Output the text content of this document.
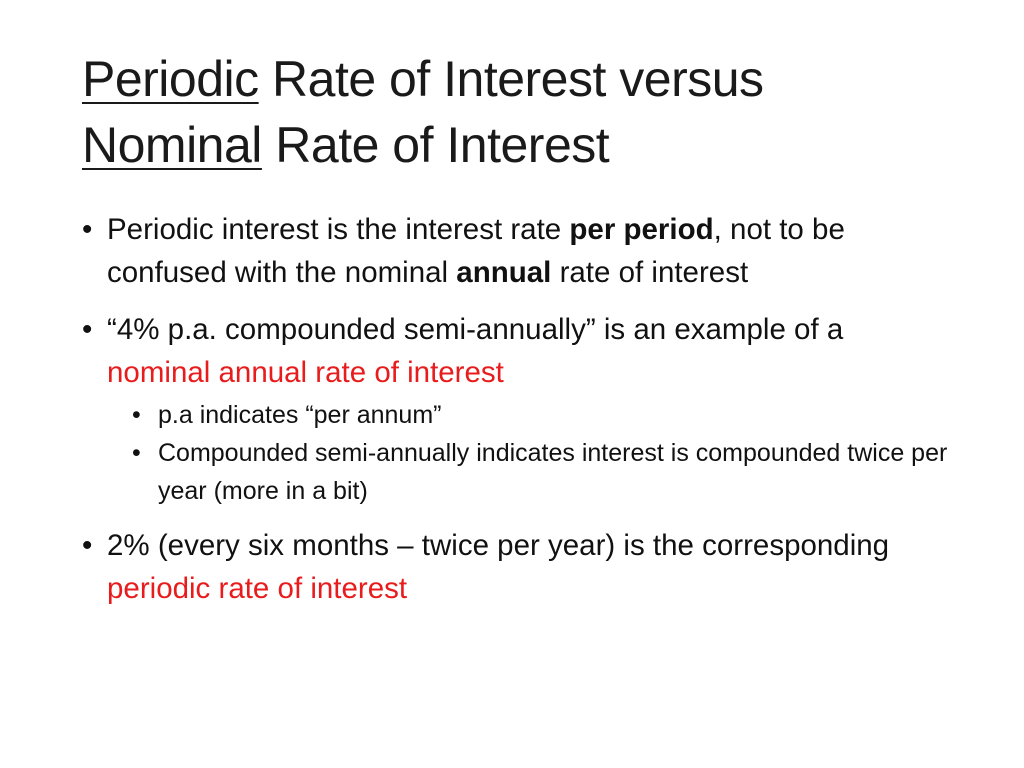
Periodic Rate of Interest versus
Nominal Rate of Interest
• Periodic interest is the interest rate per period, not to be confused with the nominal annual rate of interest
• “4% p.a. compounded semi-annually” is an example of a nominal annual rate of interest
• p.a indicates “per annum”
• Compounded semi-annually indicates interest is compounded twice per year (more in a bit)
• 2% (every six months – twice per year) is the corresponding periodic rate of interest
